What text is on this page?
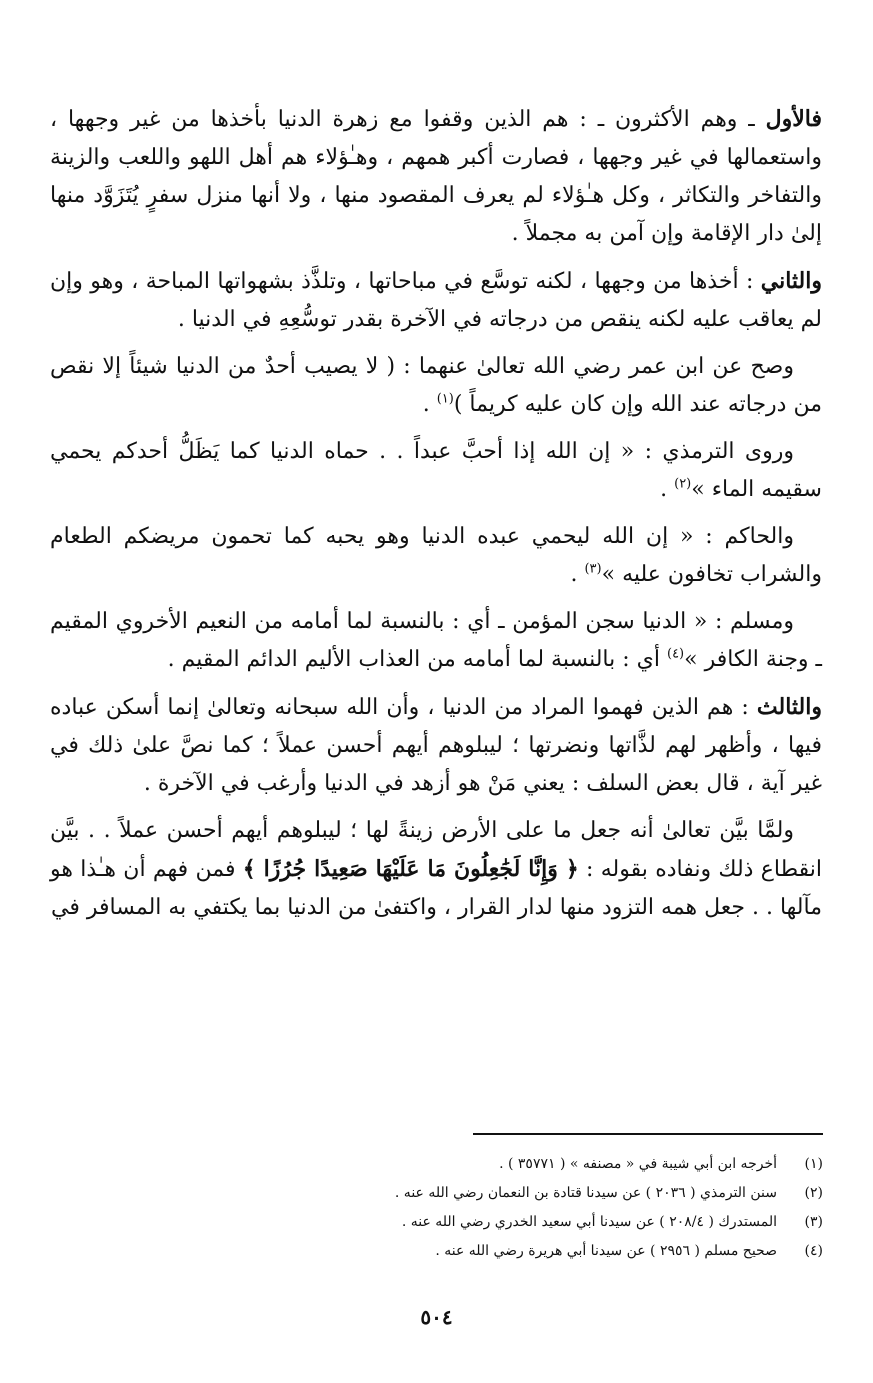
فالأول ـ وهم الأكثرون ـ : هم الذين وقفوا مع زهرة الدنيا بأخذها من غير وجهها ، واستعمالها في غير وجهها ، فصارت أكبر همهم ، وهـٰؤلاء هم أهل اللهو واللعب والزينة والتفاخر والتكاثر ، وكل هـٰؤلاء لم يعرف المقصود منها ، ولا أنها منزل سفرٍ يُتَزَوَّد منها إلىٰ دار الإقامة وإن آمن به مجملاً .

والثاني : أخذها من وجهها ، لكنه توسَّع في مباحاتها ، وتلذَّذ بشهواتها المباحة ، وهو وإن لم يعاقب عليه لكنه ينقص من درجاته في الآخرة بقدر توسُّعِهِ في الدنيا .

وصح عن ابن عمر رضي الله تعالىٰ عنهما : ( لا يصيب أحدٌ من الدنيا شيئاً إلا نقص من درجاته عند الله وإن كان عليه كريماً )$^{(١)}$ .

وروى الترمذي : « إن الله إذا أحبَّ عبداً . . حماه الدنيا كما يَظَلُّ أحدكم يحمي سقيمه الماء »$^{(٢)}$ .

والحاكم : « إن الله ليحمي عبده الدنيا وهو يحبه كما تحمون مريضكم الطعام والشراب تخافون عليه »$^{(٣)}$ .

ومسلم : « الدنيا سجن المؤمن ـ أي : بالنسبة لما أمامه من النعيم الأخروي المقيم ـ وجنة الكافر »$^{(٤)}$ أي : بالنسبة لما أمامه من العذاب الأليم الدائم المقيم .

والثالث : هم الذين فهموا المراد من الدنيا ، وأن الله سبحانه وتعالىٰ إنما أسكن عباده فيها ، وأظهر لهم لذَّاتها ونضرتها ؛ ليبلوهم أيهم أحسن عملاً ؛ كما نصَّ علىٰ ذلك في غير آية ، قال بعض السلف : يعني مَنْ هو أزهد في الدنيا وأرغب في الآخرة .

ولمَّا بيَّن تعالىٰ أنه جعل ما على الأرض زينةً لها ؛ ليبلوهم أيهم أحسن عملاً . . بيَّن انقطاع ذلك ونفاده بقوله : ﴿ وَإِنَّا لَجَٰعِلُونَ مَا عَلَيْهَا صَعِيدًا جُرُزًا ﴾ فمن فهم أن هـٰذا هو مآلها . . جعل همه التزود منها لدار القرار ، واكتفىٰ من الدنيا بما يكتفي به المسافر في

(١)أخرجه ابن أبي شيبة في « مصنفه » ( ٣٥٧٧١ ) .

(٢)سنن الترمذي ( ٢٠٣٦ ) عن سيدنا قتادة بن النعمان رضي الله عنه .

(٣)المستدرك ( ٢٠٨/٤ ) عن سيدنا أبي سعيد الخدري رضي الله عنه .

(٤)صحيح مسلم ( ٢٩٥٦ ) عن سيدنا أبي هريرة رضي الله عنه .

٥٠٤
